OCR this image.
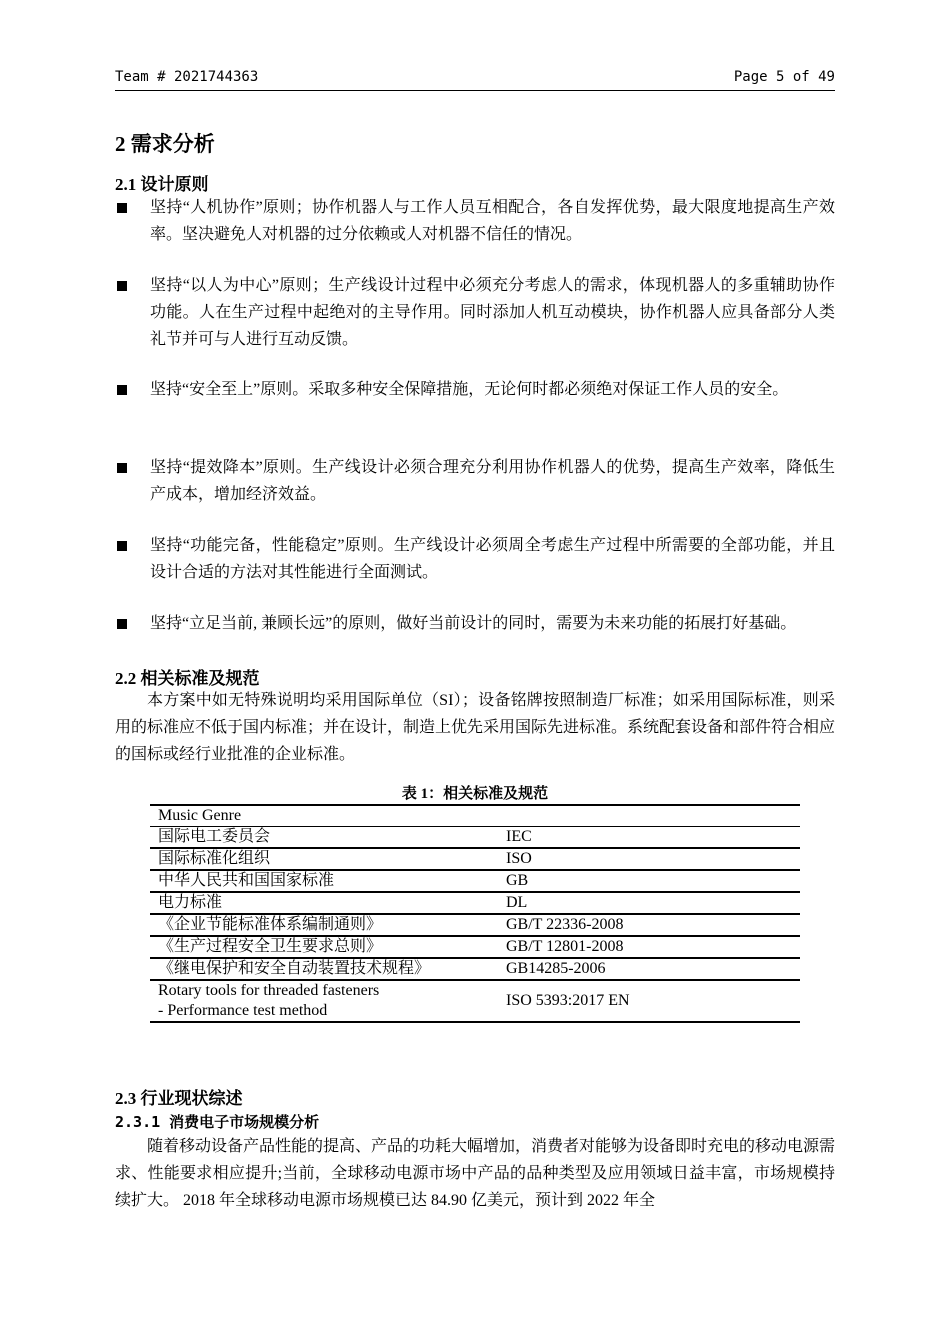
Team # 2021744363	Page 5 of 49
2 需求分析
2.1 设计原则
坚持“人机协作”原则；协作机器人与工作人员互相配合，各自发挥优势，最大限度地提高生产效率。坚决避免人对机器的过分依赖或人对机器不信任的情况。
坚持“以人为中心”原则；生产线设计过程中必须充分考虑人的需求，体现机器人的多重辅助协作功能。人在生产过程中起绝对的主导作用。同时添加人机互动模块，协作机器人应具备部分人类礼节并可与人进行互动反馈。
坚持“安全至上”原则。采取多种安全保障措施，无论何时都必须绝对保证工作人员的安全。
坚持“提效降本”原则。生产线设计必须合理充分利用协作机器人的优势，提高生产效率，降低生产成本，增加经济效益。
坚持“功能完备，性能稳定”原则。生产线设计必须周全考虑生产过程中所需要的全部功能，并且设计合适的方法对其性能进行全面测试。
坚持“立足当前, 兼顾长远”的原则，做好当前设计的同时，需要为未来功能的拓展打好基础。
2.2 相关标准及规范
本方案中如无特殊说明均采用国际单位（SI）；设备铭牌按照制造厂标准；如采用国际标准，则采用的标准应不低于国内标准；并在设计，制造上优先采用国际先进标准。系统配套设备和部件符合相应的国标或经行业批准的企业标准。
表 1：相关标准及规范
Music Genre	
国际电工委员会	IEC
国际标准化组织	ISO
中华人民共和国国家标准	GB
电力标准	DL
《企业节能标准体系编制通则》	GB/T 22336-2008
《生产过程安全卫生要求总则》	GB/T 12801-2008
《继电保护和安全自动装置技术规程》	GB14285-2006

Rotary tools for threaded fasteners
- Performance test method	ISO 5393:2017 EN
2.3 行业现状综述
2.3.1 消费电子市场规模分析
随着移动设备产品性能的提高、产品的功耗大幅增加，消费者对能够为设备即时充电的移动电源需求、性能要求相应提升;当前，全球移动电源市场中产品的品种类型及应用领域日益丰富，市场规模持续扩大。 2018 年全球移动电源市场规模已达 84.90 亿美元，预计到 2022 年全
